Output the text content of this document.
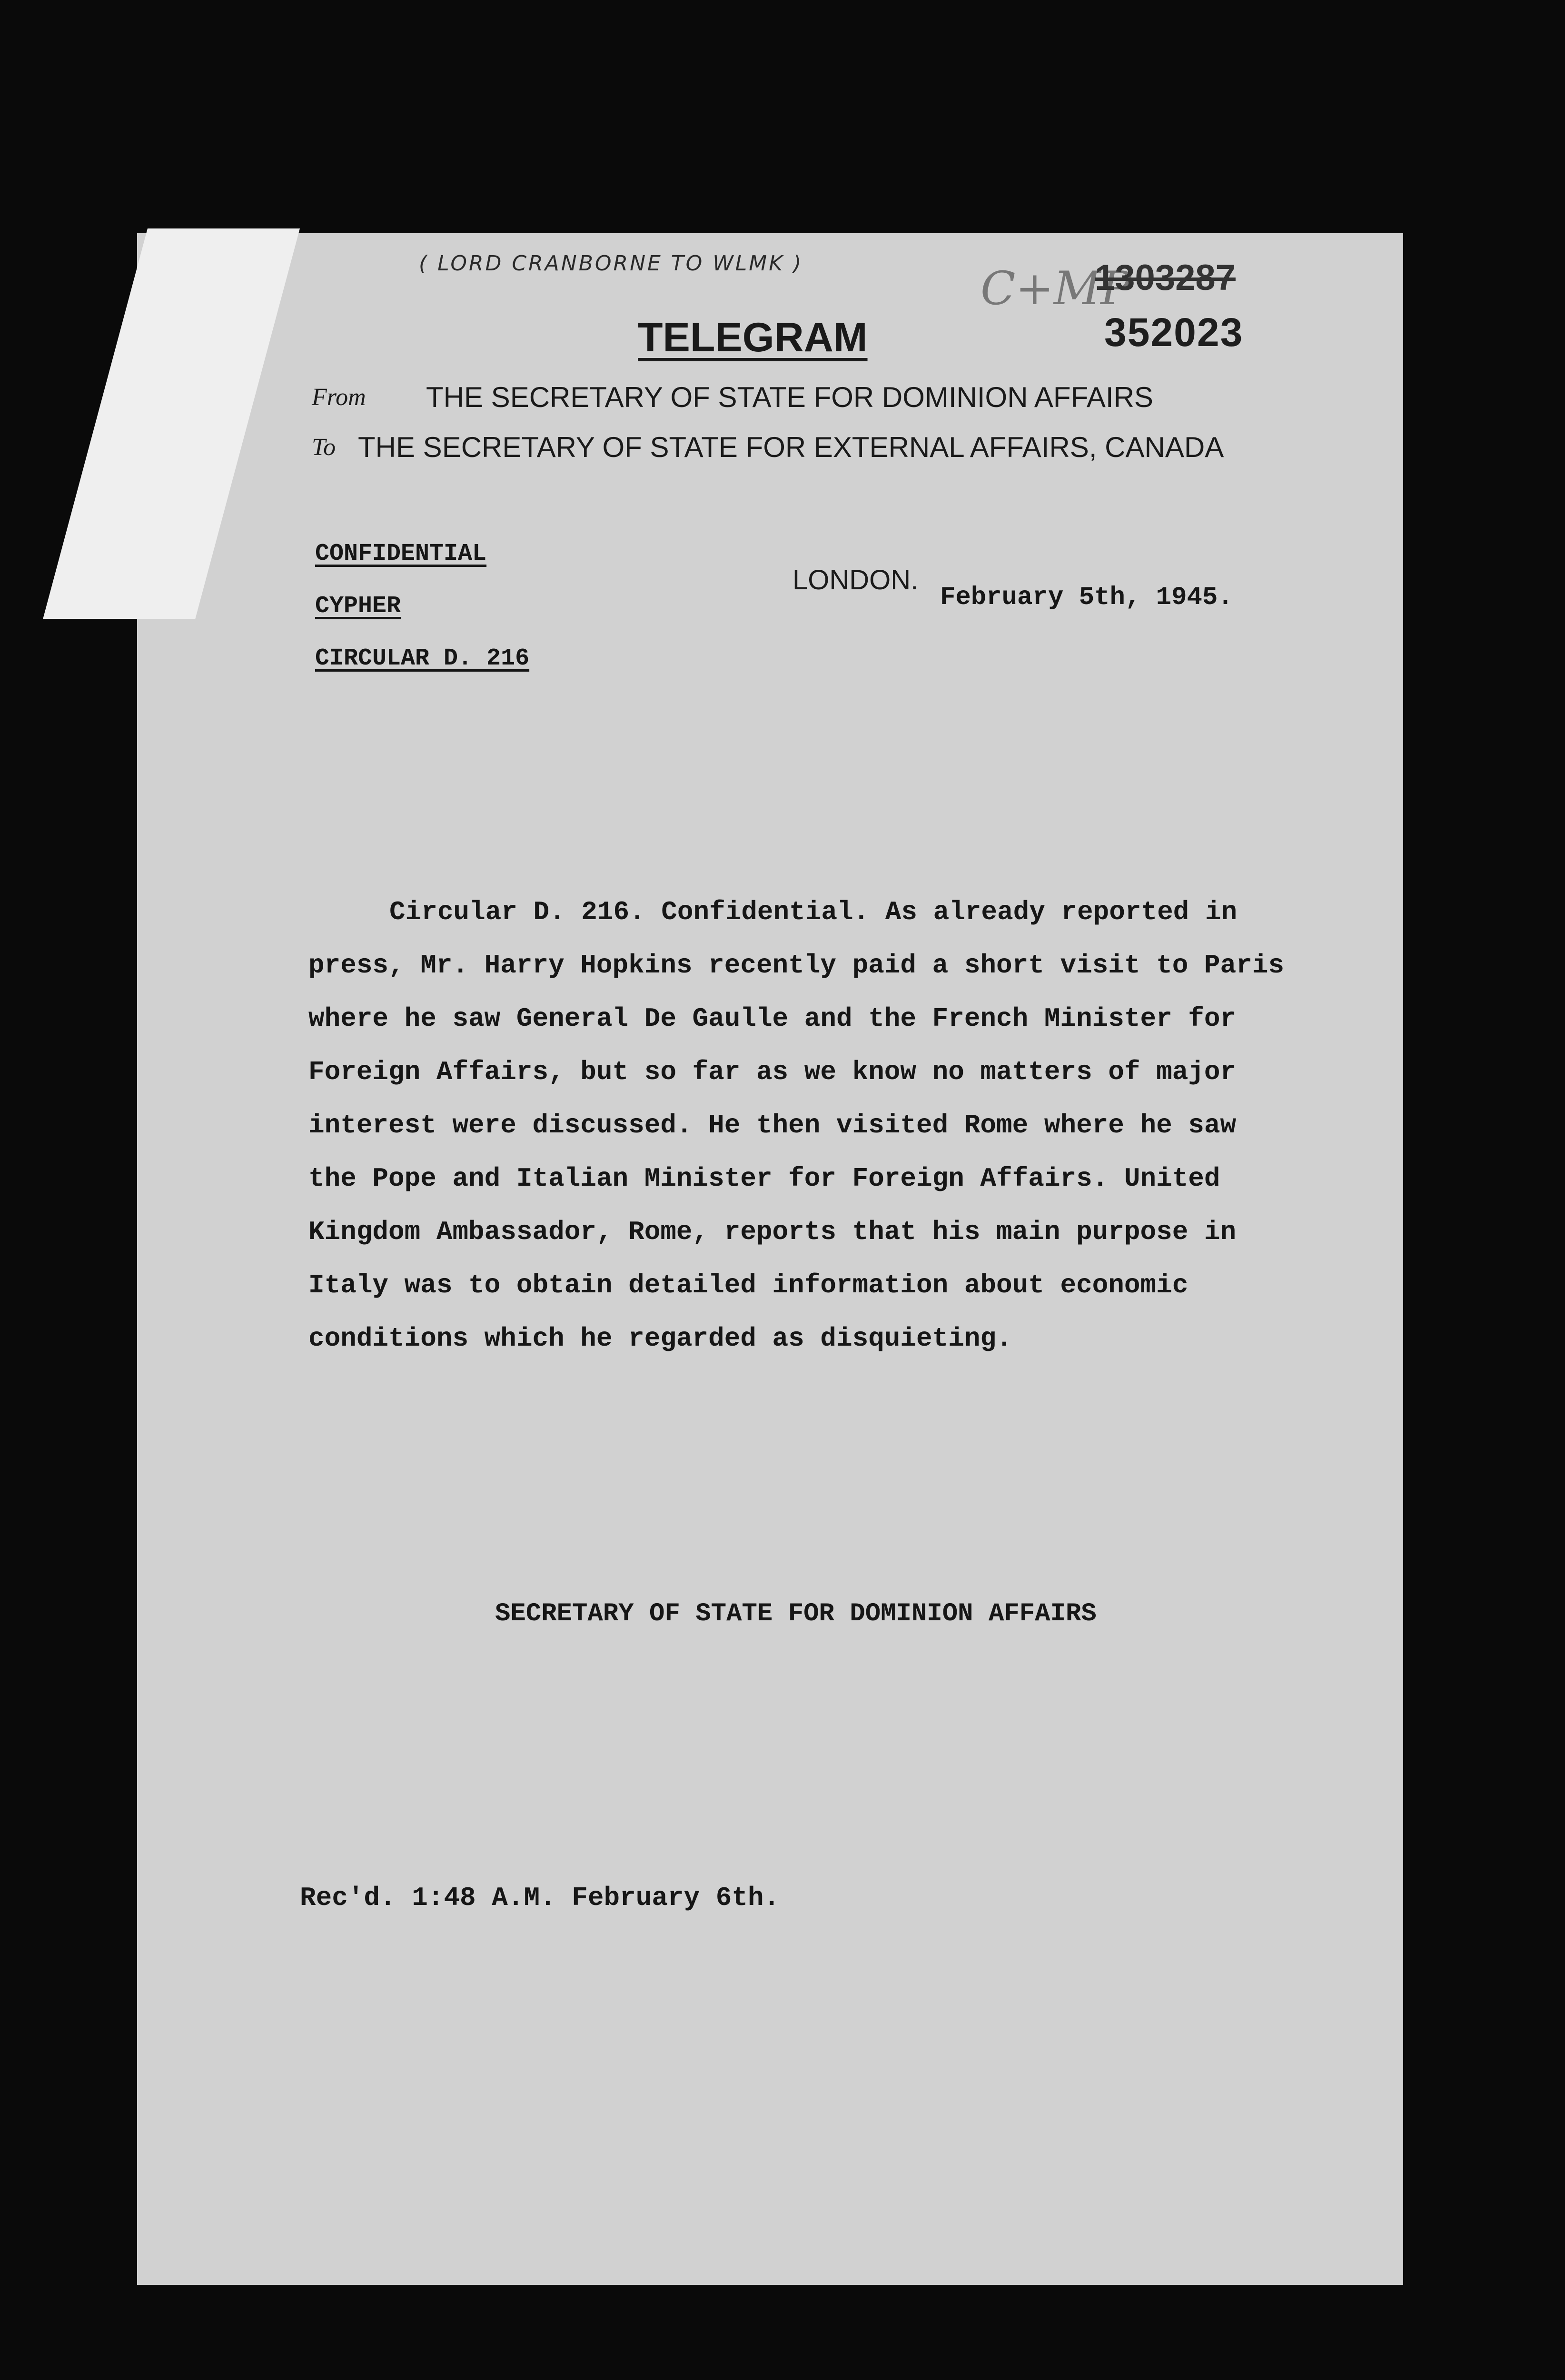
( LORD CRANBORNE TO WLMK )	C+MP
1303287
352023
TELEGRAM
From THE SECRETARY OF STATE FOR DOMINION AFFAIRS
To THE SECRETARY OF STATE FOR EXTERNAL AFFAIRS, CANADA
CONFIDENTIAL
CYPHER
CIRCULAR D. 216
LONDON.
February 5th, 1945.
Circular D. 216. Confidential. As already reported in
press, Mr. Harry Hopkins recently paid a short visit to Paris
where he saw General De Gaulle and the French Minister for
Foreign Affairs, but so far as we know no matters of major
interest were discussed. He then visited Rome where he saw
the Pope and Italian Minister for Foreign Affairs. United
Kingdom Ambassador, Rome, reports that his main purpose in
Italy was to obtain detailed information about economic
conditions which he regarded as disquieting.
SECRETARY OF STATE FOR DOMINION AFFAIRS
Rec'd. 1:48 A.M. February 6th.
